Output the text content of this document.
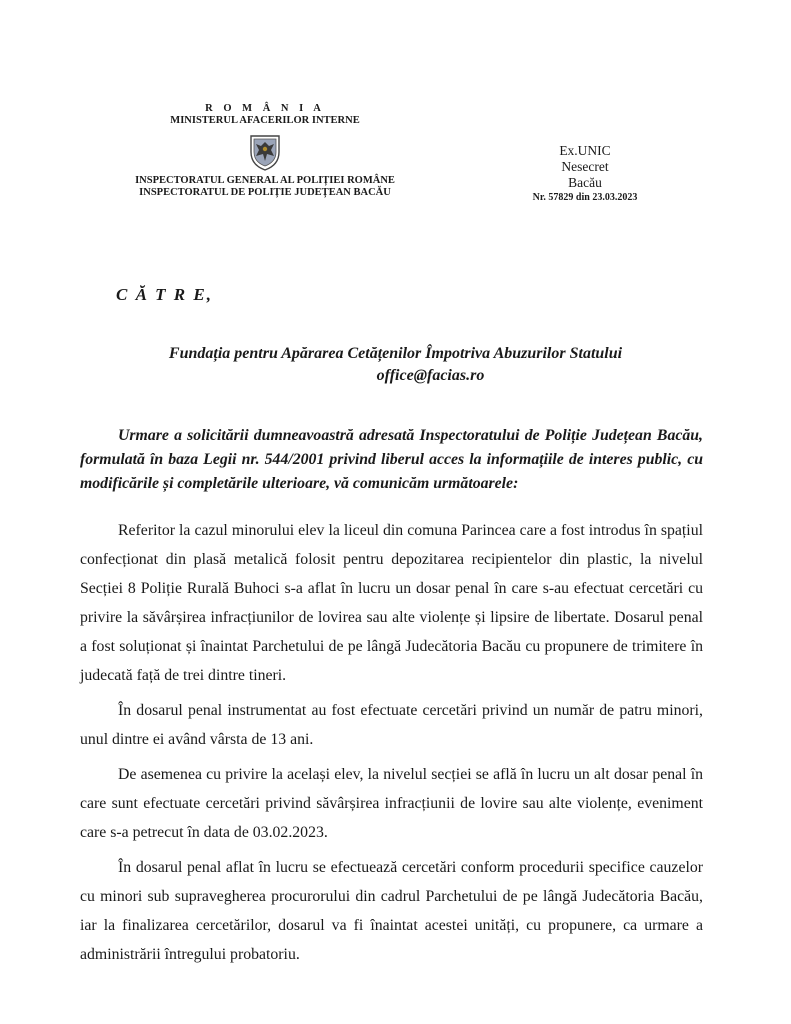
R O M Â N I A
MINISTERUL AFACERILOR INTERNE
INSPECTORATUL GENERAL AL POLIȚIEI ROMÂNE
INSPECTORATUL DE POLIȚIE JUDEȚEAN BACĂU
Ex.UNIC
Nesecret
Bacău
Nr. 57829 din 23.03.2023
C Ă T R E,
Fundația pentru Apărarea Cetățenilor Împotriva Abuzurilor Statului
office@facias.ro
Urmare a solicitării dumneavoastră adresată Inspectoratului de Poliție Județean Bacău, formulată în baza Legii nr. 544/2001 privind liberul acces la informațiile de interes public, cu modificările și completările ulterioare, vă comunicăm următoarele:

Referitor la cazul minorului elev la liceul din comuna Parincea care a fost introdus în spațiul confecționat din plasă metalică folosit pentru depozitarea recipientelor din plastic, la nivelul Secției 8 Poliție Rurală Buhoci s-a aflat în lucru un dosar penal în care s-au efectuat cercetări cu privire la săvârșirea infracțiunilor de lovirea sau alte violențe și lipsire de libertate. Dosarul penal a fost soluționat și înaintat Parchetului de pe lângă Judecătoria Bacău cu propunere de trimitere în judecată față de trei dintre tineri.

În dosarul penal instrumentat au fost efectuate cercetări privind un număr de patru minori, unul dintre ei având vârsta de 13 ani.

De asemenea cu privire la același elev, la nivelul secției se află în lucru un alt dosar penal în care sunt efectuate cercetări privind săvârșirea infracțiunii de lovire sau alte violențe, eveniment care s-a petrecut în data de 03.02.2023.

În dosarul penal aflat în lucru se efectuează cercetări conform procedurii specifice cauzelor cu minori sub supravegherea procurorului din cadrul Parchetului de pe lângă Judecătoria Bacău, iar la finalizarea cercetărilor, dosarul va fi înaintat acestei unități, cu propunere, ca urmare a administrării întregului probatoriu.
